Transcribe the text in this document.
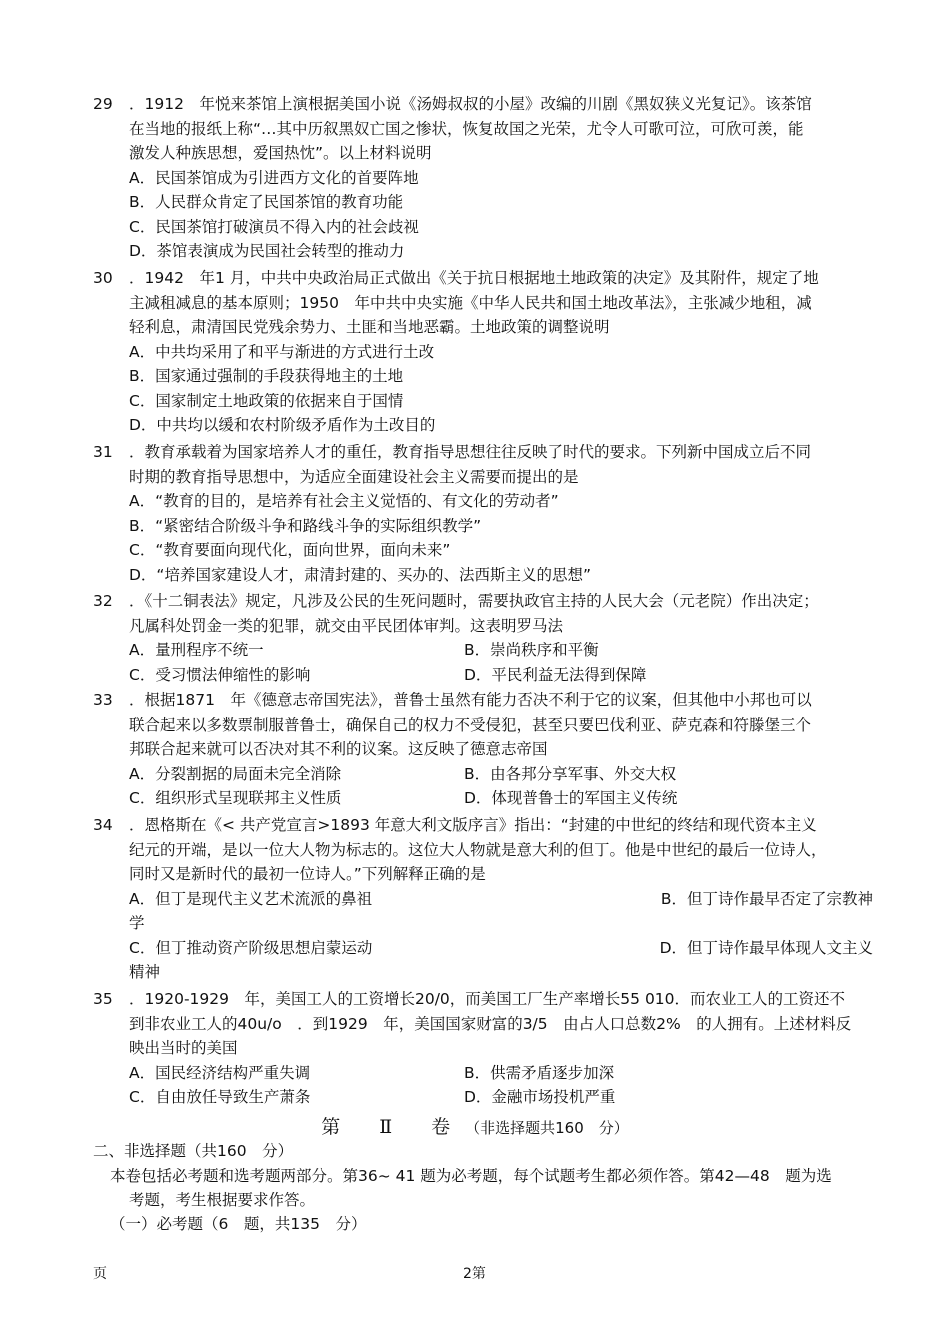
29	．1912　年悦来茶馆上演根据美国小说《汤姆叔叔的小屋》改编的川剧《黑奴狭义光复记》。该茶馆
在当地的报纸上称“…其中历叙黑奴亡国之惨状，恢复故国之光荣，尤令人可歌可泣，可欣可羡，能
激发人种族思想，爱国热忱”。以上材料说明
A．民国茶馆成为引进西方文化的首要阵地
B．人民群众肯定了民国茶馆的教育功能
C．民国茶馆打破演员不得入内的社会歧视
D．茶馆表演成为民国社会转型的推动力
30	．1942　年1 月，中共中央政治局正式做出《关于抗日根据地土地政策的决定》及其附件，规定了地
主减租减息的基本原则；1950　年中共中央实施《中华人民共和国土地改革法》，主张减少地租，减
轻利息，肃清国民党残余势力、土匪和当地恶霸。土地政策的调整说明
A．中共均采用了和平与渐进的方式进行土改
B．国家通过强制的手段获得地主的土地
C．国家制定土地政策的依据来自于国情
D．中共均以缓和农村阶级矛盾作为土改目的
31	．教育承载着为国家培养人才的重任，教育指导思想往往反映了时代的要求。下列新中国成立后不同
时期的教育指导思想中，为适应全面建设社会主义需要而提出的是
A．“教育的目的，是培养有社会主义觉悟的、有文化的劳动者”
B．“紧密结合阶级斗争和路线斗争的实际组织教学”
C．“教育要面向现代化，面向世界，面向未来”
D．“培养国家建设人才，肃清封建的、买办的、法西斯主义的思想”
32	．《十二铜表法》规定，凡涉及公民的生死问题时，需要执政官主持的人民大会（元老院）作出决定；
凡属科处罚金一类的犯罪，就交由平民团体审判。这表明罗马法
A．量刑程序不统一	B．崇尚秩序和平衡
C．受习惯法伸缩性的影响	D．平民利益无法得到保障
33	．根据1871　年《德意志帝国宪法》，普鲁士虽然有能力否决不利于它的议案，但其他中小邦也可以
联合起来以多数票制服普鲁士，确保自己的权力不受侵犯，甚至只要巴伐利亚、萨克森和符滕堡三个
邦联合起来就可以否决对其不利的议案。这反映了德意志帝国
A．分裂割据的局面未完全消除	B．由各邦分享军事、外交大权
C．组织形式呈现联邦主义性质	D．体现普鲁士的军国主义传统
34	．恩格斯在《< 共产党宣言>1893 年意大利文版序言》指出：“封建的中世纪的终结和现代资本主义
纪元的开端，是以一位大人物为标志的。这位大人物就是意大利的但丁。他是中世纪的最后一位诗人，
同时又是新时代的最初一位诗人。”下列解释正确的是
A．但丁是现代主义艺术流派的鼻祖	B．但丁诗作最早否定了宗教神
学
C．但丁推动资产阶级思想启蒙运动	D．但丁诗作最早体现人文主义
精神
35	．1920-1929　年，美国工人的工资增长20/0，而美国工厂生产率增长55 010．而农业工人的工资还不
到非农业工人的40u/o　．到1929　年，美国国家财富的3/5　由占人口总数2%　的人拥有。上述材料反
映出当时的美国
A．国民经济结构严重失调	B．供需矛盾逐步加深
C．自由放任导致生产萧条	D．金融市场投机严重
第　Ⅱ　卷 （非选择题共160　分）
二、非选择题（共160　分）
本卷包括必考题和选考题两部分。第36~ 41 题为必考题，每个试题考生都必须作答。第42—48　题为选
考题，考生根据要求作答。
（一）必考题（6　题，共135　分）
页	2第
